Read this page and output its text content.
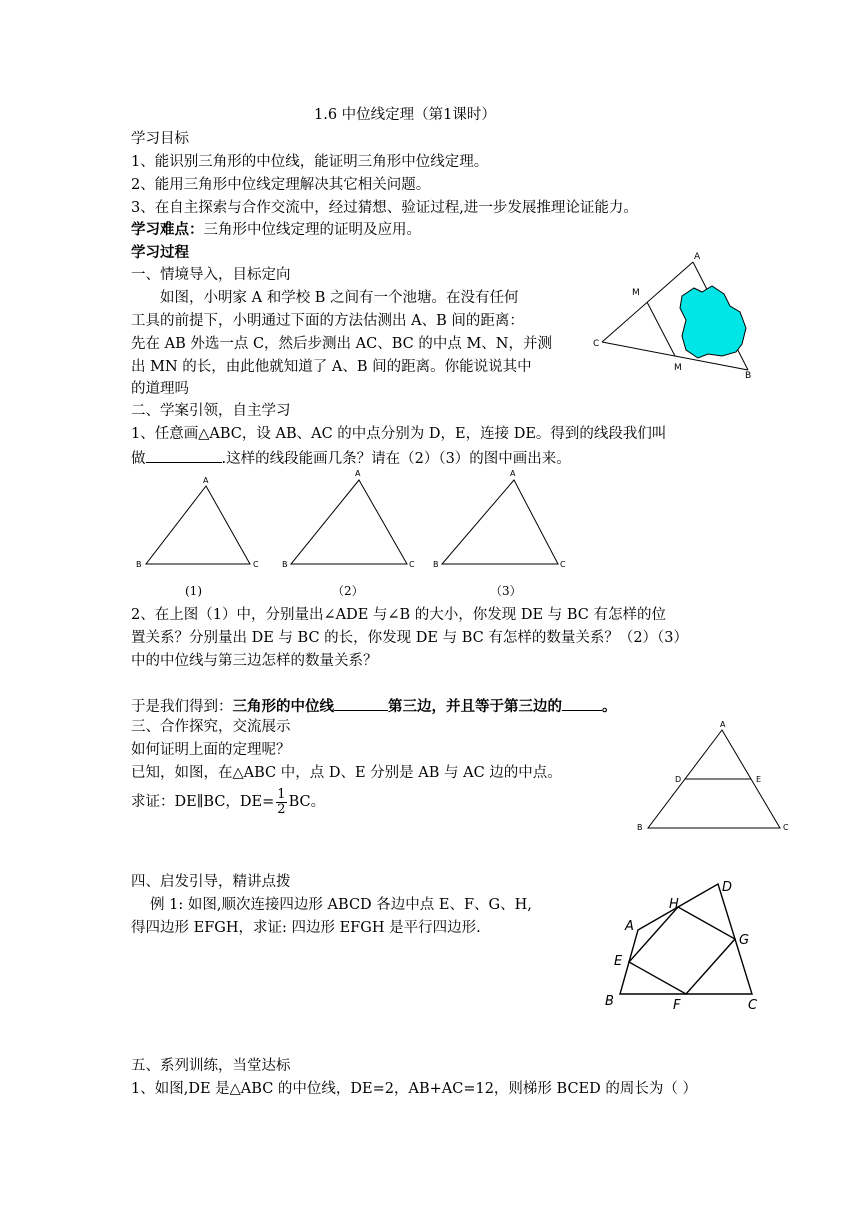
1.6 中位线定理（第1课时）
学习目标
1、能识别三角形的中位线，能证明三角形中位线定理。
2、能用三角形中位线定理解决其它相关问题。
3、在自主探索与合作交流中，经过猜想、验证过程,进一步发展推理论证能力。
学习难点：三角形中位线定理的证明及应用。
学习过程
一、情境导入，目标定向
如图，小明家 A 和学校 B 之间有一个池塘。在没有任何
工具的前提下，小明通过下面的方法估测出 A、B 间的距离：
先在 AB 外选一点 C，然后步测出 AC、BC 的中点 M、N，并测
出 MN 的长，由此他就知道了 A、B 间的距离。你能说说其中
的道理吗
A
B
C
M
M
二、学案引领，自主学习
1、任意画△ABC，设 AB、AC 的中点分别为 D，E，连接 DE。得到的线段我们叫
做	.这样的线段能画几条？请在（2）（3）的图中画出来。
A
B	C
A
B	C
A
B	C
(1)	（2）	（3）
2、在上图（1）中，分别量出∠ADE 与∠B 的大小，你发现 DE 与 BC 有怎样的位
置关系？分别量出 DE 与 BC 的长，你发现 DE 与 BC 有怎样的数量关系？（2）（3）
中的中位线与第三边怎样的数量关系？
于是我们得到：三角形的中位线	第三边，并且等于第三边的	。
三、合作探究，交流展示
如何证明上面的定理呢？
已知，如图，在△ABC 中，点 D、E 分别是 AB 与 AC 边的中点。
求证：DE∥BC，$DE= \frac{1}{2}$ BC。
A
B	C
D	E
四、启发引导，精讲点拨
例 1: 如图,顺次连接四边形 ABCD 各边中点 E、F、G、H,
得四边形 EFGH，求证: 四边形 EFGH 是平行四边形.
D
H
A
G
E
B	F	C
五、系列训练，当堂达标
1、如图,DE 是△ABC 的中位线，DE=2，AB+AC=12，则梯形 BCED 的周长为（ ）
